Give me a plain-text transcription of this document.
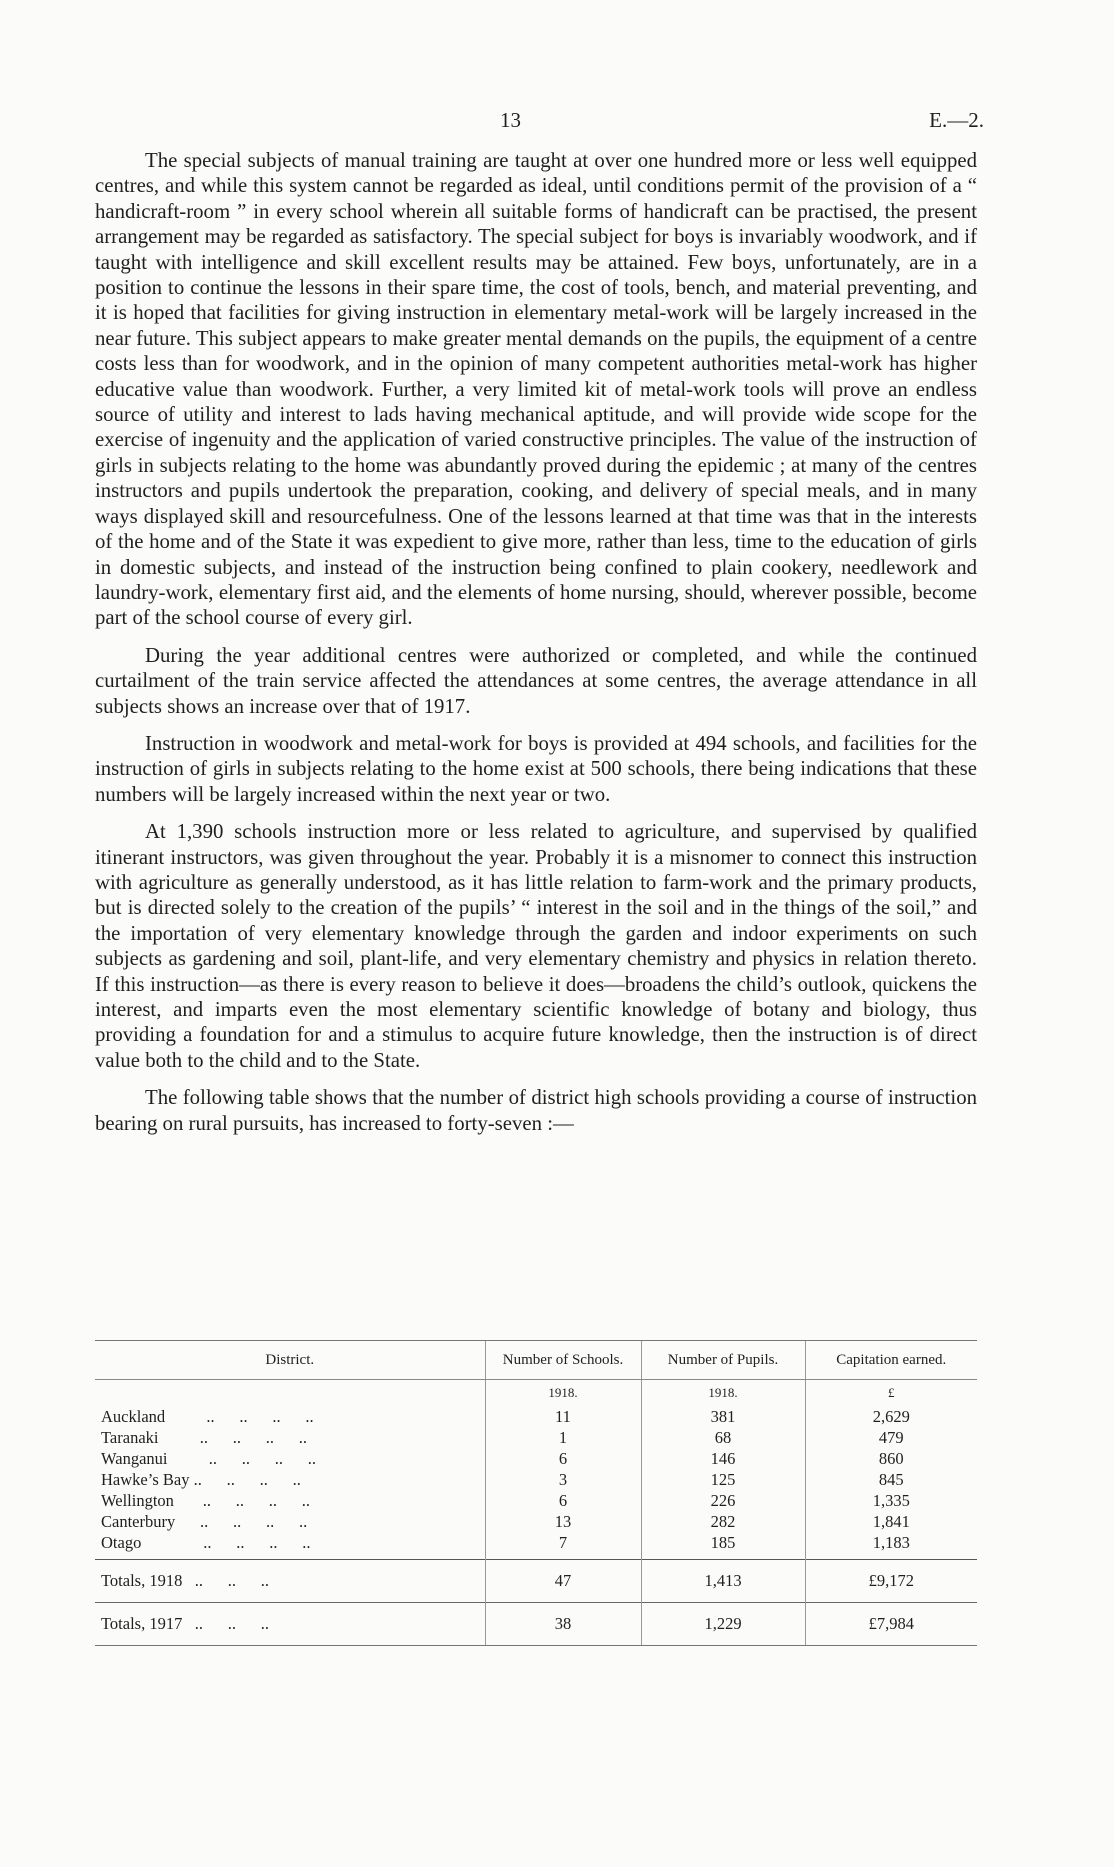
13	E.—2.

The special subjects of manual training are taught at over one hundred more or less well equipped centres, and while this system cannot be regarded as ideal, until conditions permit of the provision of a “ handicraft-room ” in every school wherein all suitable forms of handicraft can be practised, the present arrangement may be regarded as satisfactory. The special subject for boys is invariably woodwork, and if taught with intelligence and skill excellent results may be attained. Few boys, unfortunately, are in a position to continue the lessons in their spare time, the cost of tools, bench, and material preventing, and it is hoped that facilities for giving instruction in elementary metal-work will be largely increased in the near future. This subject appears to make greater mental demands on the pupils, the equipment of a centre costs less than for woodwork, and in the opinion of many competent authorities metal-work has higher educative value than woodwork. Further, a very limited kit of metal-work tools will prove an endless source of utility and interest to lads having mechanical aptitude, and will provide wide scope for the exercise of ingenuity and the application of varied constructive principles. The value of the instruction of girls in subjects relating to the home was abundantly proved during the epidemic ; at many of the centres instructors and pupils undertook the preparation, cooking, and delivery of special meals, and in many ways displayed skill and resourcefulness. One of the lessons learned at that time was that in the interests of the home and of the State it was expedient to give more, rather than less, time to the education of girls in domestic subjects, and instead of the instruction being confined to plain cookery, needlework and laundry-work, elementary first aid, and the elements of home nursing, should, wherever possible, become part of the school course of every girl.

During the year additional centres were authorized or completed, and while the continued curtailment of the train service affected the attendances at some centres, the average attendance in all subjects shows an increase over that of 1917.

Instruction in woodwork and metal-work for boys is provided at 494 schools, and facilities for the instruction of girls in subjects relating to the home exist at 500 schools, there being indications that these numbers will be largely increased within the next year or two.

At 1,390 schools instruction more or less related to agriculture, and supervised by qualified itinerant instructors, was given throughout the year. Probably it is a misnomer to connect this instruction with agriculture as generally understood, as it has little relation to farm-work and the primary products, but is directed solely to the creation of the pupils’ “ interest in the soil and in the things of the soil,” and the importation of very elementary knowledge through the garden and indoor experiments on such subjects as gardening and soil, plant-life, and very elementary chemistry and physics in relation thereto. If this instruction—as there is every reason to believe it does—broadens the child’s outlook, quickens the interest, and imparts even the most elementary scientific knowledge of botany and biology, thus providing a foundation for and a stimulus to acquire future knowledge, then the instruction is of direct value both to the child and to the State.

The following table shows that the number of district high schools providing a course of instruction bearing on rural pursuits, has increased to forty-seven :—

District.	Number of Schools.	Number of Pupils.	Capitation earned.
	1918.	1918.	£
Auckland          ..      ..      ..      ..	11	381	2,629
Taranaki          ..      ..      ..      ..	1	68	479
Wanganui          ..      ..      ..      ..	6	146	860
Hawke’s Bay ..      ..      ..      ..	3	125	845
Wellington       ..      ..      ..      ..	6	226	1,335
Canterbury      ..      ..      ..      ..	13	282	1,841
Otago               ..      ..      ..      ..	7	185	1,183

Totals, 1918   ..      ..      ..	47	1,413	£9,172
Totals, 1917   ..      ..      ..	38	1,229	£7,984
